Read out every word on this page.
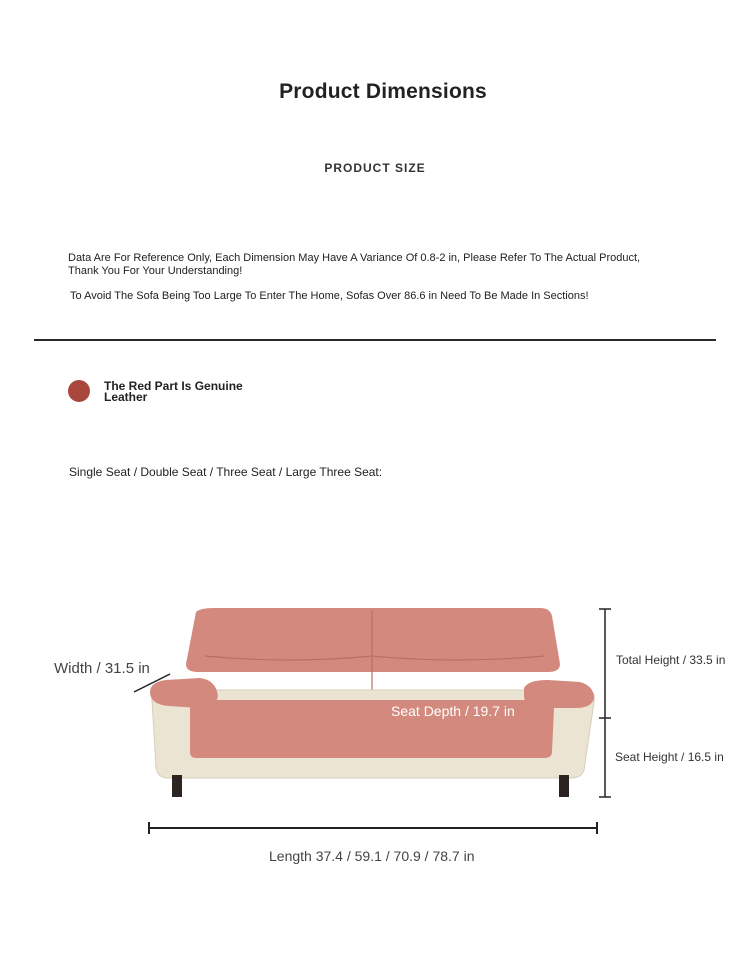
Product Dimensions
PRODUCT SIZE
Data Are For Reference Only, Each Dimension May Have A Variance Of 0.8-2 in, Please Refer To The Actual Product, Thank You For Your Understanding!
To Avoid The Sofa Being Too Large To Enter The Home, Sofas Over 86.6 in Need To Be Made In Sections!
The Red Part Is Genuine Leather
Single Seat / Double Seat / Three Seat / Large Three Seat:
Width / 31.5 in
Seat Depth / 19.7 in
Total Height / 33.5 in
Seat Height / 16.5 in
Length 37.4 / 59.1 / 70.9 / 78.7 in
